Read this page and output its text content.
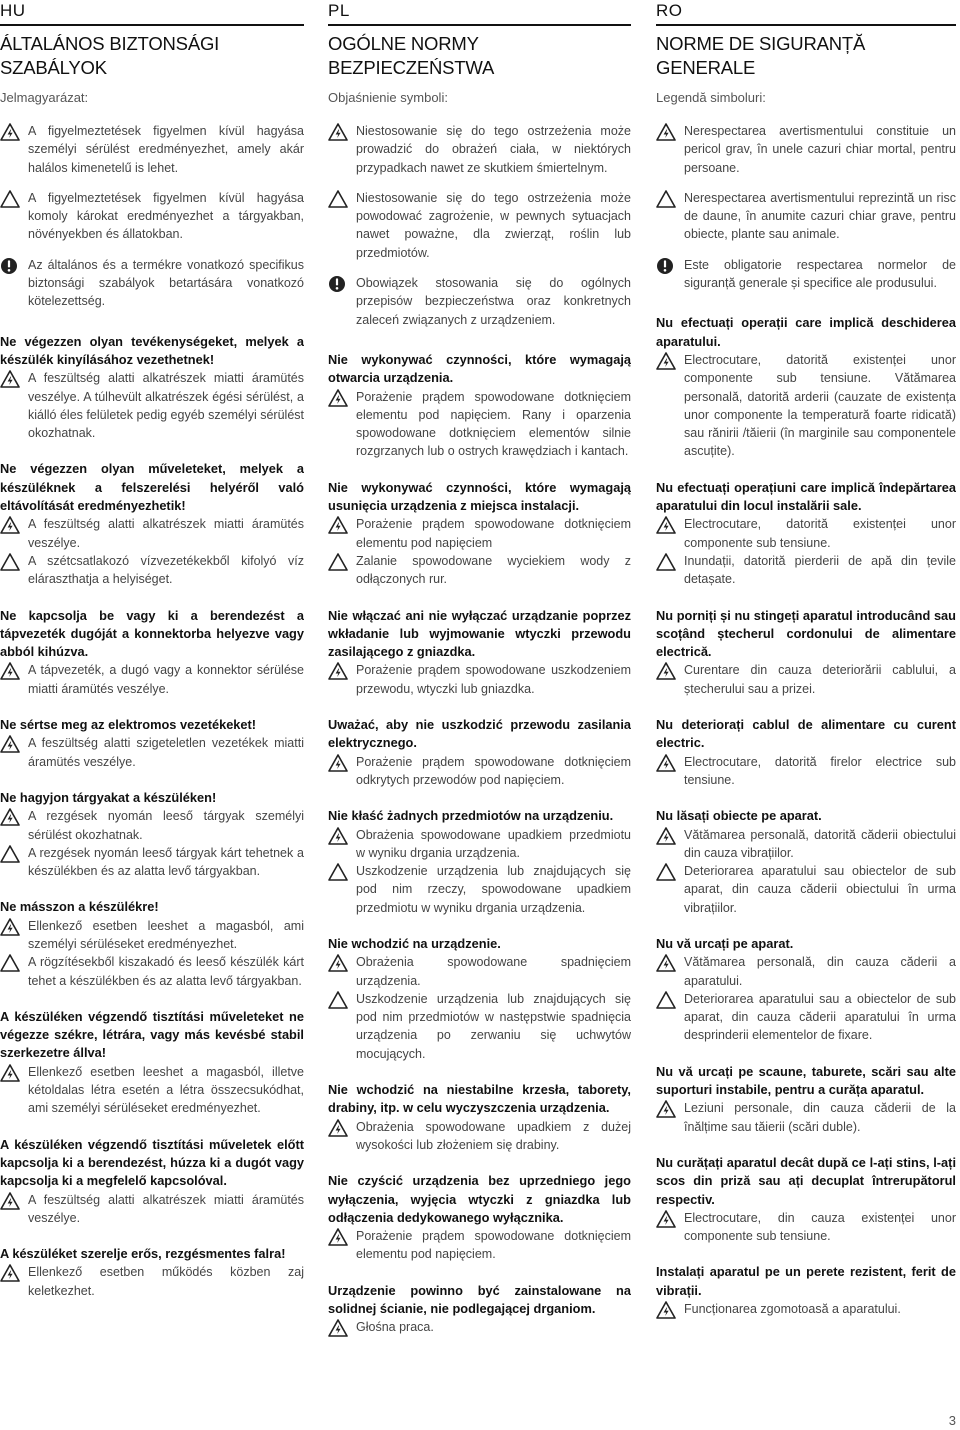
HU
ÁLTALÁNOS BIZTONSÁGI SZABÁLYOK
Jelmagyarázat:
A figyelmeztetések figyelmen kívül hagyása személyi sérülést eredményezhet, amely akár halálos kimenetelű is lehet.
A figyelmeztetések figyelmen kívül hagyása komoly károkat eredményezhet a tárgyakban, növényekben és állatokban.
Az általános és a termékre vonatkozó specifikus biztonsági szabályok betartására vonatkozó kötelezettség.
Ne végezzen olyan tevékenységeket, melyek a készülék kinyílásához vezethetnek!
A feszültség alatti alkatrészek miatti áramütés veszélye. A túlhevült alkatrészek égési sérülést, a kiálló éles felületek pedig egyéb személyi sérülést okozhatnak.
Ne végezzen olyan műveleteket, melyek a készüléknek a felszerelési helyéről való eltávolítását eredményezhetik!
A feszültség alatti alkatrészek miatti áramütés veszélye.
A szétcsatlakozó vízvezetékekből kifolyó víz eláraszthatja a helyiséget.
Ne kapcsolja be vagy ki a berendezést a tápvezeték dugóját a konnektorba helyezve vagy abból kihúzva.
A tápvezeték, a dugó vagy a konnektor sérülése miatti áramütés veszélye.
Ne sértse meg az elektromos vezetékeket!
A feszültség alatti szigeteletlen vezetékek miatti áramütés veszélye.
Ne hagyjon tárgyakat a készüléken!
A rezgések nyomán leeső tárgyak személyi sérülést okozhatnak.
A rezgések nyomán leeső tárgyak kárt tehetnek a készülékben és az alatta levő tárgyakban.
Ne másszon a készülékre!
Ellenkező esetben leeshet a magasból, ami személyi sérüléseket eredményezhet.
A rögzítésekből kiszakadó és leeső készülék kárt tehet a készülékben és az alatta levő tárgyakban.
A készüléken végzendő tisztítási műveleteket ne végezze székre, létrára, vagy más kevésbé stabil szerkezetre állva!
Ellenkező esetben leeshet a magasból, illetve kétoldalas létra esetén a létra összecsukódhat, ami személyi sérüléseket eredményezhet.
A készüléken végzendő tisztítási műveletek előtt kapcsolja ki a berendezést, húzza ki a dugót vagy kapcsolja ki a megfelelő kapcsolóval.
A feszültség alatti alkatrészek miatti áramütés veszélye.
A készüléket szerelje erős, rezgésmentes falra!
Ellenkező esetben működés közben zaj keletkezhet.
PL
OGÓLNE NORMY BEZPIECZEŃSTWA
Objaśnienie symboli:
Niestosowanie się do tego ostrzeżenia może prowadzić do obrażeń ciała, w niektórych przypadkach nawet ze skutkiem śmiertelnym.
Niestosowanie się do tego ostrzeżenia może powodować zagrożenie, w pewnych sytuacjach nawet poważne, dla zwierząt, roślin lub przedmiotów.
Obowiązek stosowania się do ogólnych przepisów bezpieczeństwa oraz konkretnych zaleceń związanych z urządzeniem.
Nie wykonywać czynności, które wymagają otwarcia urządzenia.
Porażenie prądem spowodowane dotknięciem elementu pod napięciem. Rany i oparzenia spowodowane dotknięciem elementów silnie rozgrzanych lub o ostrych krawędziach i kantach.
Nie wykonywać czynności, które wymagają usunięcia urządzenia z miejsca instalacji.
Porażenie prądem spowodowane dotknięciem elementu pod napięciem
Zalanie spowodowane wyciekiem wody z odłączonych rur.
Nie włączać ani nie wyłączać urządzanie poprzez wkładanie lub wyjmowanie wtyczki przewodu zasilającego z gniazdka.
Porażenie prądem spowodowane uszkodzeniem przewodu, wtyczki lub gniazdka.
Uważać, aby nie uszkodzić przewodu zasilania elektrycznego.
Porażenie prądem spowodowane dotknięciem odkrytych przewodów pod napięciem.
Nie kłaść żadnych przedmiotów na urządzeniu.
Obrażenia spowodowane upadkiem przedmiotu w wyniku drgania urządzenia.
Uszkodzenie urządzenia lub znajdujących się pod nim rzeczy, spowodowane upadkiem przedmiotu w wyniku drgania urządzenia.
Nie wchodzić na urządzenie.
Obrażenia spowodowane spadnięciem urządzenia.
Uszkodzenie urządzenia lub znajdujących się pod nim przedmiotów w następstwie spadnięcia urządzenia po zerwaniu się uchwytów mocujących.
Nie wchodzić na niestabilne krzesła, taborety, drabiny, itp. w celu wyczyszczenia urządzenia.
Obrażenia spowodowane upadkiem z dużej wysokości lub złożeniem się drabiny.
Nie czyścić urządzenia bez uprzedniego jego wyłączenia, wyjęcia wtyczki z gniazdka lub odłączenia dedykowanego wyłącznika.
Porażenie prądem spowodowane dotknięciem elementu pod napięciem.
Urządzenie powinno być zainstalowane na solidnej ścianie, nie podlegającej drganiom.
Głośna praca.
RO
NORME DE SIGURANȚĂ GENERALE
Legendă simboluri:
Nerespectarea avertismentului constituie un pericol grav, în unele cazuri chiar mortal, pentru persoane.
Nerespectarea avertismentului reprezintă un risc de daune, în anumite cazuri chiar grave, pentru obiecte, plante sau animale.
Este obligatorie respectarea normelor de siguranță generale și specifice ale produsului.
Nu efectuați operații care implică deschiderea aparatului.
Electrocutare, datorită existenței unor componente sub tensiune. Vătămarea personală, datorită arderii (cauzate de existența unor componente la temperatură foarte ridicată) sau rănirii /tăierii (în marginile sau componentele ascuțite).
Nu efectuați operațiuni care implică îndepărtarea aparatului din locul instalării sale.
Electrocutare, datorită existenței unor componente sub tensiune.
Inundații, datorită pierderii de apă din țevile detașate.
Nu porniți și nu stingeți aparatul introducând sau scoțând ștecherul cordonului de alimentare electrică.
Curentare din cauza deteriorării cablului, a ștecherului sau a prizei.
Nu deteriorați cablul de alimentare cu curent electric.
Electrocutare, datorită firelor electrice sub tensiune.
Nu lăsați obiecte pe aparat.
Vătămarea personală, datorită căderii obiectului din cauza vibrațiilor.
Deteriorarea aparatului sau obiectelor de sub aparat, din cauza căderii obiectului în urma vibrațiilor.
Nu vă urcați pe aparat.
Vătămarea personală, din cauza căderii a aparatului.
Deteriorarea aparatului sau a obiectelor de sub aparat, din cauza căderii aparatului în urma desprinderii elementelor de fixare.
Nu vă urcați pe scaune, taburete, scări sau alte suporturi instabile, pentru a curăța aparatul.
Leziuni personale, din cauza căderii de la înălțime sau tăierii (scări duble).
Nu curățați aparatul decât după ce l-ați stins, l-ați scos din priză sau ați decuplat întrerupătorul respectiv.
Electrocutare, din cauza existenței unor componente sub tensiune.
Instalați aparatul pe un perete rezistent, ferit de vibrații.
Funcționarea zgomotoasă a aparatului.
3
